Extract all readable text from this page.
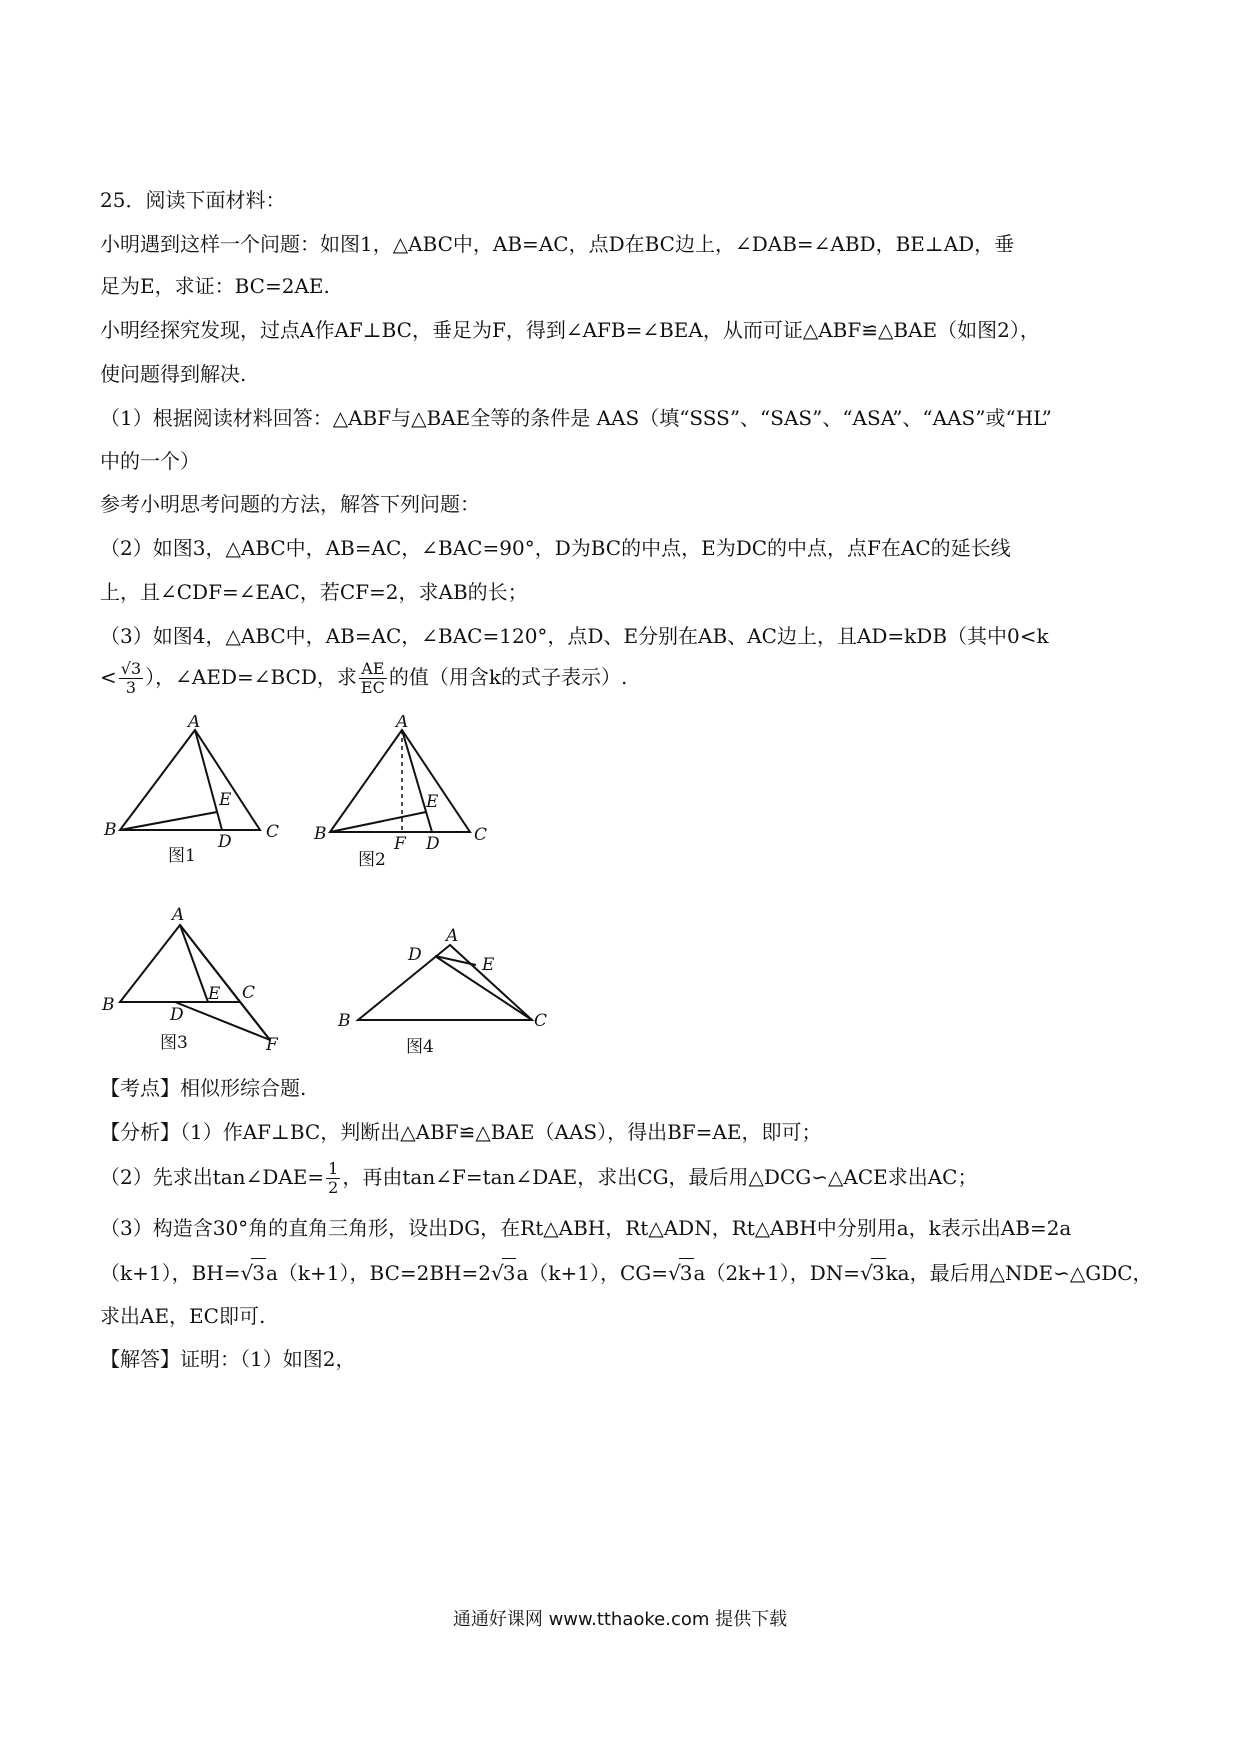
25．阅读下面材料：
小明遇到这样一个问题：如图1，△ABC中，AB=AC，点D在BC边上，∠DAB=∠ABD，BE⊥AD，垂
足为E，求证：BC=2AE.
小明经探究发现，过点A作AF⊥BC，垂足为F，得到∠AFB=∠BEA，从而可证△ABF≌△BAE（如图2），
使问题得到解决.
（1）根据阅读材料回答：△ABF与△BAE全等的条件是 AAS（填“SSS”、“SAS”、“ASA”、“AAS”或“HL”
中的一个）
参考小明思考问题的方法，解答下列问题：
（2）如图3，△ABC中，AB=AC，∠BAC=90°，D为BC的中点，E为DC的中点，点F在AC的延长线
上，且∠CDF=∠EAC，若CF=2，求AB的长；
（3）如图4，△ABC中，AB=AC，∠BAC=120°，点D、E分别在AB、AC边上，且AD=kDB（其中0<k
< $\frac{√3}{3}$ ），∠AED=∠BCD，求 $\frac{AE}{EC}$ 的值（用含k的式子表示）.
A
B	C
D
E
图1
A
B	C
D
E
F
图2
A
B
C
D
E
F
图3
A
B	C
D	E
图4
【考点】相似形综合题.
【分析】（1）作AF⊥BC，判断出△ABF≌△BAE（AAS），得出BF=AE，即可；
（2）先求出tan∠DAE= $\frac{1}{2}$ ，再由tan∠F=tan∠DAE，求出CG，最后用△DCG∽△ACE求出AC；
（3）构造含30°角的直角三角形，设出DG，在Rt△ABH，Rt△ADN，Rt△ABH中分别用a，k表示出AB=2a
（k+1），BH=√3a（k+1），BC=2BH=2√3a（k+1），CG=√3a（2k+1），DN=√3ka，最后用△NDE∽△GDC，
求出AE，EC即可.
【解答】证明：（1）如图2，
通通好课网 www.tthaoke.com 提供下载
